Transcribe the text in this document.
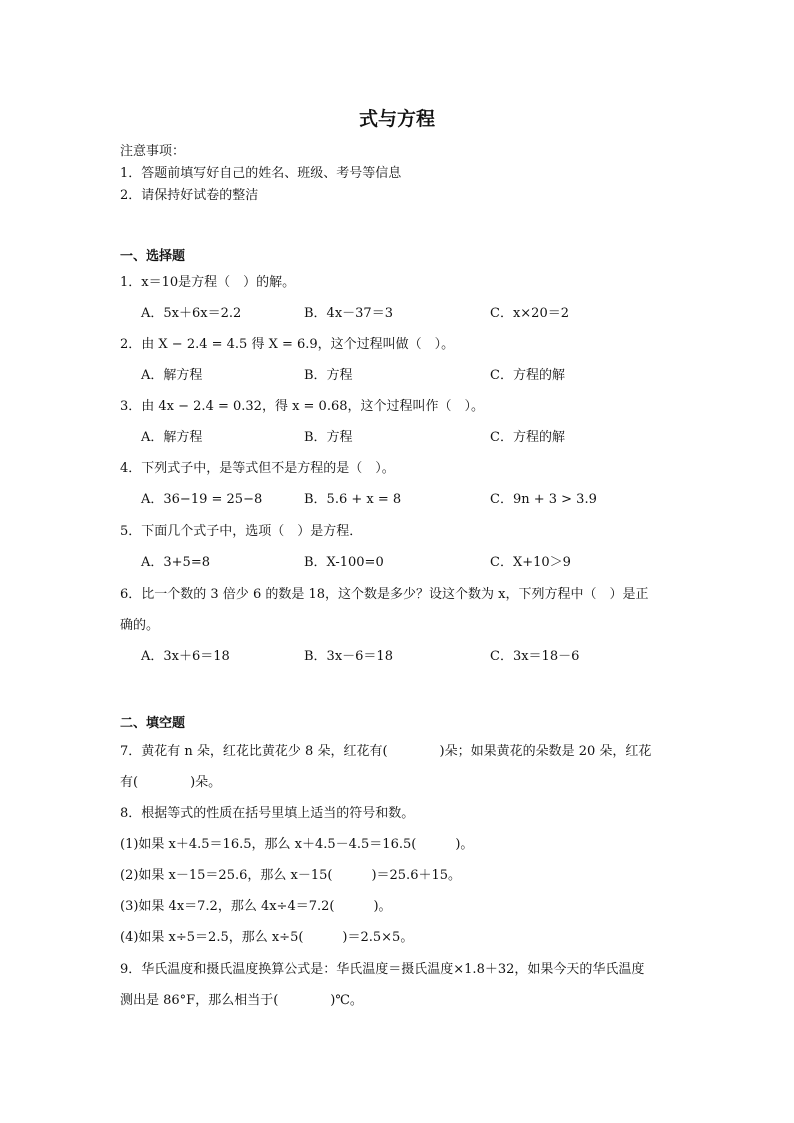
式与方程
注意事项：
1．答题前填写好自己的姓名、班级、考号等信息
2．请保持好试卷的整洁
一、选择题
1．x＝10是方程（　）的解。
A．5x＋6x＝2.2	B．4x－37＝3	C．x×20＝2
2．由 X − 2.4 = 4.5 得 X = 6.9，这个过程叫做（　）。
A．解方程	B．方程	C．方程的解
3．由 4x − 2.4 = 0.32，得 x = 0.68，这个过程叫作（　）。
A．解方程	B．方程	C．方程的解
4．下列式子中，是等式但不是方程的是（　）。
A．36−19 = 25−8	B．5.6 + x = 8	C．9n + 3 > 3.9
5．下面几个式子中，选项（　）是方程．
A．3+5=8	B．X-100=0	C．X+10＞9
6．比一个数的 3 倍少 6 的数是 18，这个数是多少？设这个数为 x，下列方程中（　）是正
确的。
A．3x＋6＝18	B．3x－6＝18	C．3x＝18－6
二、填空题
7．黄花有 n 朵，红花比黄花少 8 朵，红花有(　　　　)朵；如果黄花的朵数是 20 朵，红花
有(　　　　)朵。
8．根据等式的性质在括号里填上适当的符号和数。
(1)如果 x＋4.5＝16.5，那么 x＋4.5－4.5＝16.5(　　　)。
(2)如果 x－15＝25.6，那么 x－15(　　　)＝25.6＋15。
(3)如果 4x＝7.2，那么 4x÷4＝7.2(　　　)。
(4)如果 x÷5＝2.5，那么 x÷5(　　　)＝2.5×5。
9．华氏温度和摄氏温度换算公式是：华氏温度＝摄氏温度×1.8＋32，如果今天的华氏温度
测出是 86°F，那么相当于(　　　　)℃。
